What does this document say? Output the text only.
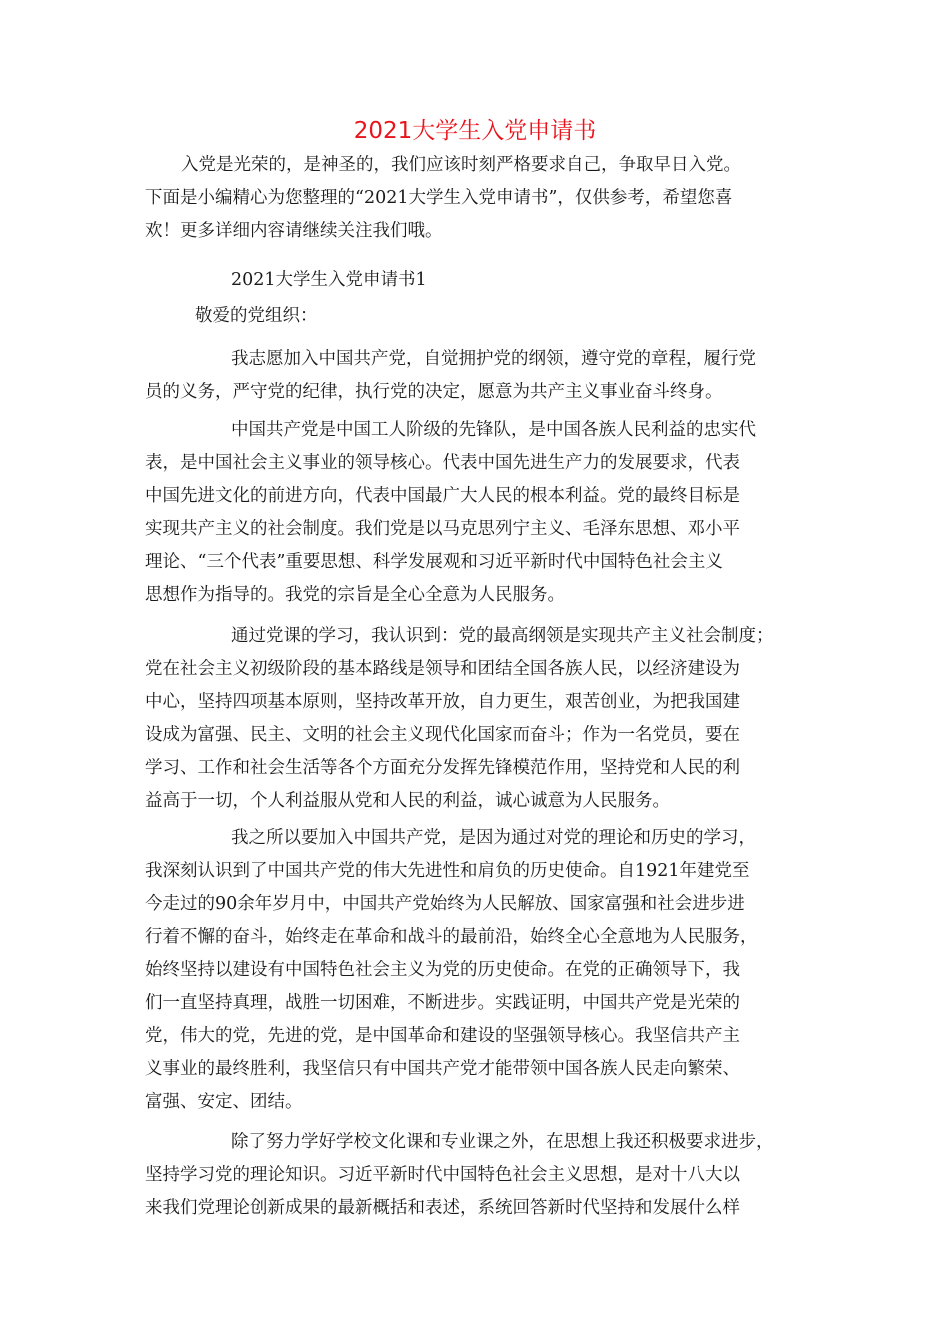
2021大学生入党申请书
入党是光荣的，是神圣的，我们应该时刻严格要求自己，争取早日入党。
下面是小编精心为您整理的“2021大学生入党申请书”，仅供参考，希望您喜
欢！更多详细内容请继续关注我们哦。
2021大学生入党申请书1
敬爱的党组织：
我志愿加入中国共产党，自觉拥护党的纲领，遵守党的章程，履行党
员的义务，严守党的纪律，执行党的决定，愿意为共产主义事业奋斗终身。
中国共产党是中国工人阶级的先锋队，是中国各族人民利益的忠实代
表，是中国社会主义事业的领导核心。代表中国先进生产力的发展要求，代表
中国先进文化的前进方向，代表中国最广大人民的根本利益。党的最终目标是
实现共产主义的社会制度。我们党是以马克思列宁主义、毛泽东思想、邓小平
理论、“三个代表”重要思想、科学发展观和习近平新时代中国特色社会主义
思想作为指导的。我党的宗旨是全心全意为人民服务。
通过党课的学习，我认识到：党的最高纲领是实现共产主义社会制度；
党在社会主义初级阶段的基本路线是领导和团结全国各族人民，以经济建设为
中心，坚持四项基本原则，坚持改革开放，自力更生，艰苦创业，为把我国建
设成为富强、民主、文明的社会主义现代化国家而奋斗；作为一名党员，要在
学习、工作和社会生活等各个方面充分发挥先锋模范作用，坚持党和人民的利
益高于一切，个人利益服从党和人民的利益，诚心诚意为人民服务。
我之所以要加入中国共产党，是因为通过对党的理论和历史的学习，
我深刻认识到了中国共产党的伟大先进性和肩负的历史使命。自1921年建党至
今走过的90余年岁月中，中国共产党始终为人民解放、国家富强和社会进步进
行着不懈的奋斗，始终走在革命和战斗的最前沿，始终全心全意地为人民服务，
始终坚持以建设有中国特色社会主义为党的历史使命。在党的正确领导下，我
们一直坚持真理，战胜一切困难，不断进步。实践证明，中国共产党是光荣的
党，伟大的党，先进的党，是中国革命和建设的坚强领导核心。我坚信共产主
义事业的最终胜利，我坚信只有中国共产党才能带领中国各族人民走向繁荣、
富强、安定、团结。
除了努力学好学校文化课和专业课之外，在思想上我还积极要求进步，
坚持学习党的理论知识。习近平新时代中国特色社会主义思想，是对十八大以
来我们党理论创新成果的最新概括和表述，系统回答新时代坚持和发展什么样
